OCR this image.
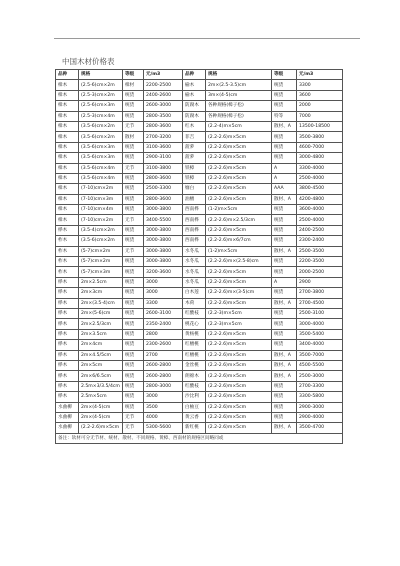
中国木材价格表
品种	规格	等级	元/m3	品种	规格	等级	元/m3
樟木	(2.5-6)cm×2m	樟材	2200-2500	榆木	2m×(2.5-3.5)cm	统货	3300
樟木	(2.5-3)cm×2m	统货	2400-2600	榆木	3m×(4-5)cm	统货	3600
樟木	(2.5-6)cm×3m	统货	2600-3000	防腐木	各种规格(樟子松)	统货	2000
樟木	(2.5-3)cm×4m	统货	2800-3500	防腐木	各种规格(樟子松)	特等	7000
樟木	(3.5-6)cm×2m	无节	2800-3600	红木	(2.2-4)m×5cm	散材、A	13500-18500
樟木	(3.5-6)cm×2m	散材	2700-3200	菲吉	(2.2-2.6)m×5cm	统货	3500-3800
樟木	(3.5-6)cm×3m	统货	3100-3600	菠萝	(2.2-2.6)m×5cm	统货	4600-7000
樟木	(3.5-6)cm×3m	统货	2900-3100	菠萝	(2.2-2.6)m×5cm	统货	3000-4800
樟木	(3.5-6)cm×4m	无节	3100-3800	铁樟	(2.2-2.6)m×5cm	A	3300-4000
樟木	(3.5-6)cm×4m	统货	2800-3600	铁樟	(2.2-2.6)m×5cm	A	2500-4000
樟木	(7-10)cm×2m	统货	2500-3300	缅白	(2.2-2.6)m×5cm	AAA	3800-4500
樟木	(7-10)cm×3m	统货	2800-3600	油檀	(2.2-2.6)m×5cm	散材、A	4200-4800
樟木	(7-10)cm×4m	统货	3000-3800	西南桦	(1-2)m×5cm	统货	3600-4000
樟木	(7-10)cm×2m	无节	3400-5500	西南桦	(2.2-2.6)m×2.5/3cm	统货	2500-4000
桦木	(3.5-4)cm×2m	统货	3000-3800	西南桦	(2.2-2.6)m×5cm	统货	2400-2500
柞木	(3.5-6)cm×2m	统货	3000-3800	西南桦	(2.2-2.6)m×6/7cm	统货	2300-2400
柞木	(5-7)cm×2m	无节	3000-3800	水冬瓜	(1-2)m×5cm	散材、A	2500-3500
柞木	(5-7)cm×2m	统货	3000-3800	水冬瓜	(2.2-2.6)m×(2.5-8)cm	统货	2200-3500
柞木	(5-7)cm×3m	统货	3200-3600	水冬瓜	(2.2-2.6)m×5cm	统货	2000-2500
桦木	2m×2.5cm	统货	3000	水冬瓜	(2.2-2.6)m×5cm	A	2900
桦木	2m×3cm	统货	3000	白木莲	(2.2-2.6)m×(3-5)cm	统货	2700-3800
桦木	2m×(3.5-4)cm	统货	3300	木荷	(2.2-2.6)m×5cm	散材、A	2700-4500
桦木	2m×(5-6)cm	统货	2600-3100	红酸枝	(2.2-3)m×5cm	统货	2500-3100
桦木	2m×2.5/3cm	统货	2350-2400	桃花心	(2.2-3)m×5cm	统货	3000-4000
桦木	2m×3.5cm	统货	2800	黄杨桃	(2.2-2.6)m×5cm	统货	3500-5400
桦木	2m×4cm	统货	2300-2600	红檀桃	(2.2-2.6)m×5cm	统货	3400-4000
桦木	2m×4.5/5cm	统货	2700	红檀桃	(2.2-2.6)m×5cm	散材、A	3500-7000
桦木	2m×5cm	统货	2600-2800	金丝桃	(2.2-2.6)m×5cm	散材、A	4500-5500
桦木	2m×6/6.5cm	统货	2600-2800	朗绵木	(2.2-2.6)m×5cm	散材、A	2500-3000
桦木	2.5m×3/3.5/4cm	统货	2800-3000	红酸枝	(2.2-2.6)m×5cm	统货	2700-3300
桦木	2.5m×5cm	统货	3000	沙比利	(2.2-2.6)m×5cm	统货	3300-5800
水曲柳	2m×(4-5)cm	统货	3500	白柚豆	(2.2-2.6)m×5cm	统货	2900-3000
水曲柳	2m×(4-5)cm	无节	4000	黄云香	(2.2-2.6)m×5cm	统货	2900-4000
水曲柳	(2.2-2.6)m×5cm	无节	5300-5600	新红桃	(2.2-2.6)m×5cm	散材、A	3500-4700
备注：软材可分无节材、统材、散材、不同规格、黄樟、西南材的规格区间略同或							
